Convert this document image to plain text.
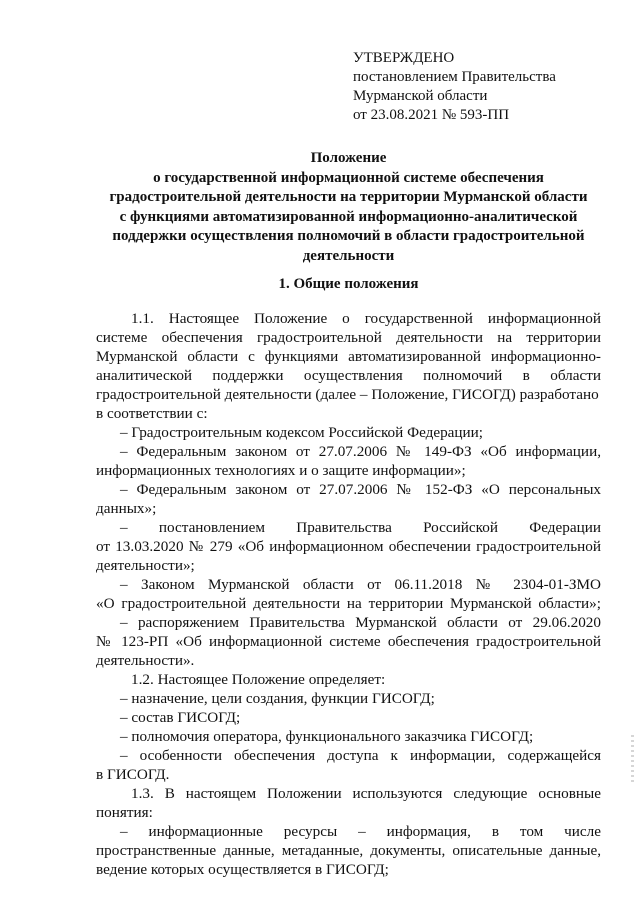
УТВЕРЖДЕНО
постановлением Правительства
Мурманской области
от 23.08.2021 № 593-ПП
Положение
о государственной информационной системе обеспечения
градостроительной деятельности на территории Мурманской области
с функциями автоматизированной информационно-аналитической
поддержки осуществления полномочий в области градостроительной
деятельности
1. Общие положения
1.1. Настоящее Положение о государственной информационной
системе обеспечения градостроительной деятельности на территории
Мурманской области с функциями автоматизированной информационно-
аналитической поддержки осуществления полномочий в области
градостроительной деятельности (далее – Положение, ГИСОГД) разработано
в соответствии с:
– Градостроительным кодексом Российской Федерации;
– Федеральным законом от 27.07.2006 № 149-ФЗ «Об информации,
информационных технологиях и о защите информации»;
– Федеральным законом от 27.07.2006 № 152-ФЗ «О персональных
данных»;
– постановлением Правительства Российской Федерации
от 13.03.2020 № 279 «Об информационном обеспечении градостроительной
деятельности»;
– Законом Мурманской области от 06.11.2018 № 2304-01-ЗМО
«О градостроительной деятельности на территории Мурманской области»;
– распоряжением Правительства Мурманской области от 29.06.2020
№ 123-РП «Об информационной системе обеспечения градостроительной
деятельности».
1.2. Настоящее Положение определяет:
– назначение, цели создания, функции ГИСОГД;
– состав ГИСОГД;
– полномочия оператора, функционального заказчика ГИСОГД;
– особенности обеспечения доступа к информации, содержащейся
в ГИСОГД.
1.3. В настоящем Положении используются следующие основные
понятия:
– информационные ресурсы – информация, в том числе
пространственные данные, метаданные, документы, описательные данные,
ведение которых осуществляется в ГИСОГД;
